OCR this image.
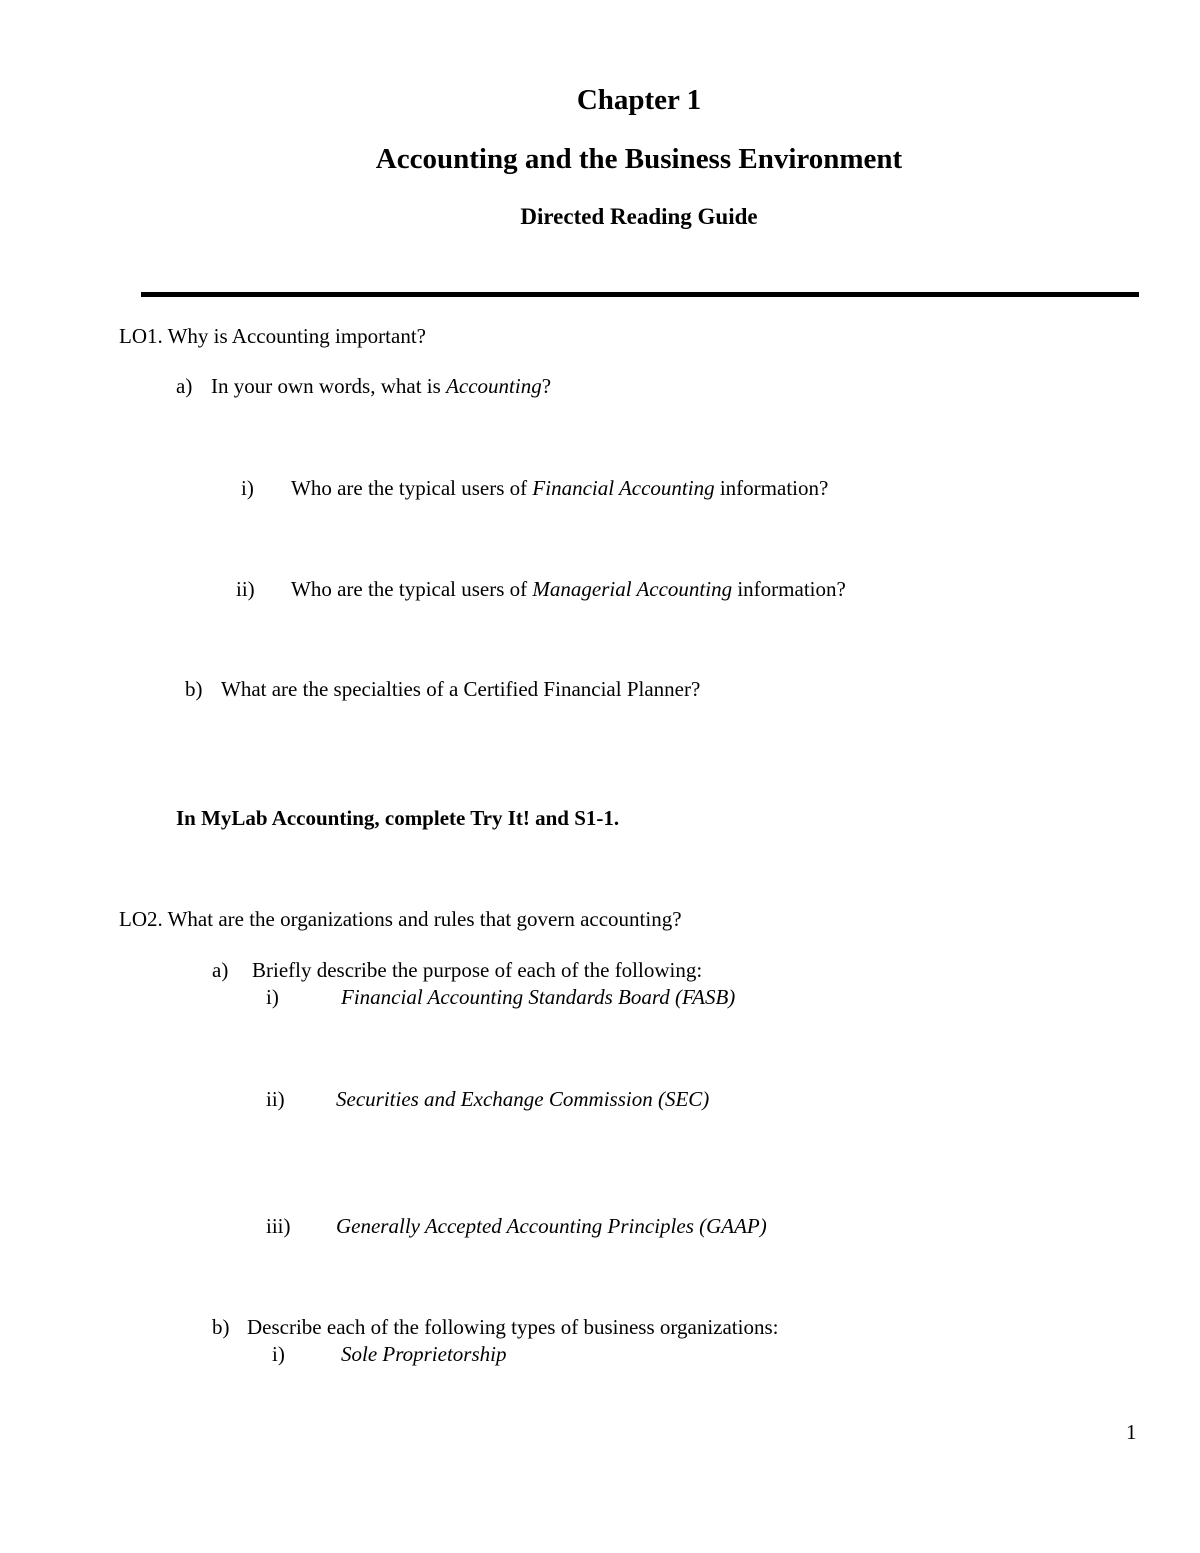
Chapter 1
Accounting and the Business Environment
Directed Reading Guide
LO1. Why is Accounting important?
a) In your own words, what is Accounting?
i) Who are the typical users of Financial Accounting information?
ii) Who are the typical users of Managerial Accounting information?
b) What are the specialties of a Certified Financial Planner?
In MyLab Accounting, complete Try It! and S1-1.
LO2. What are the organizations and rules that govern accounting?
a) Briefly describe the purpose of each of the following:
i)	Financial Accounting Standards Board (FASB)
ii) Securities and Exchange Commission (SEC)
iii) Generally Accepted Accounting Principles (GAAP)
b) Describe each of the following types of business organizations:
i)	Sole Proprietorship
1
